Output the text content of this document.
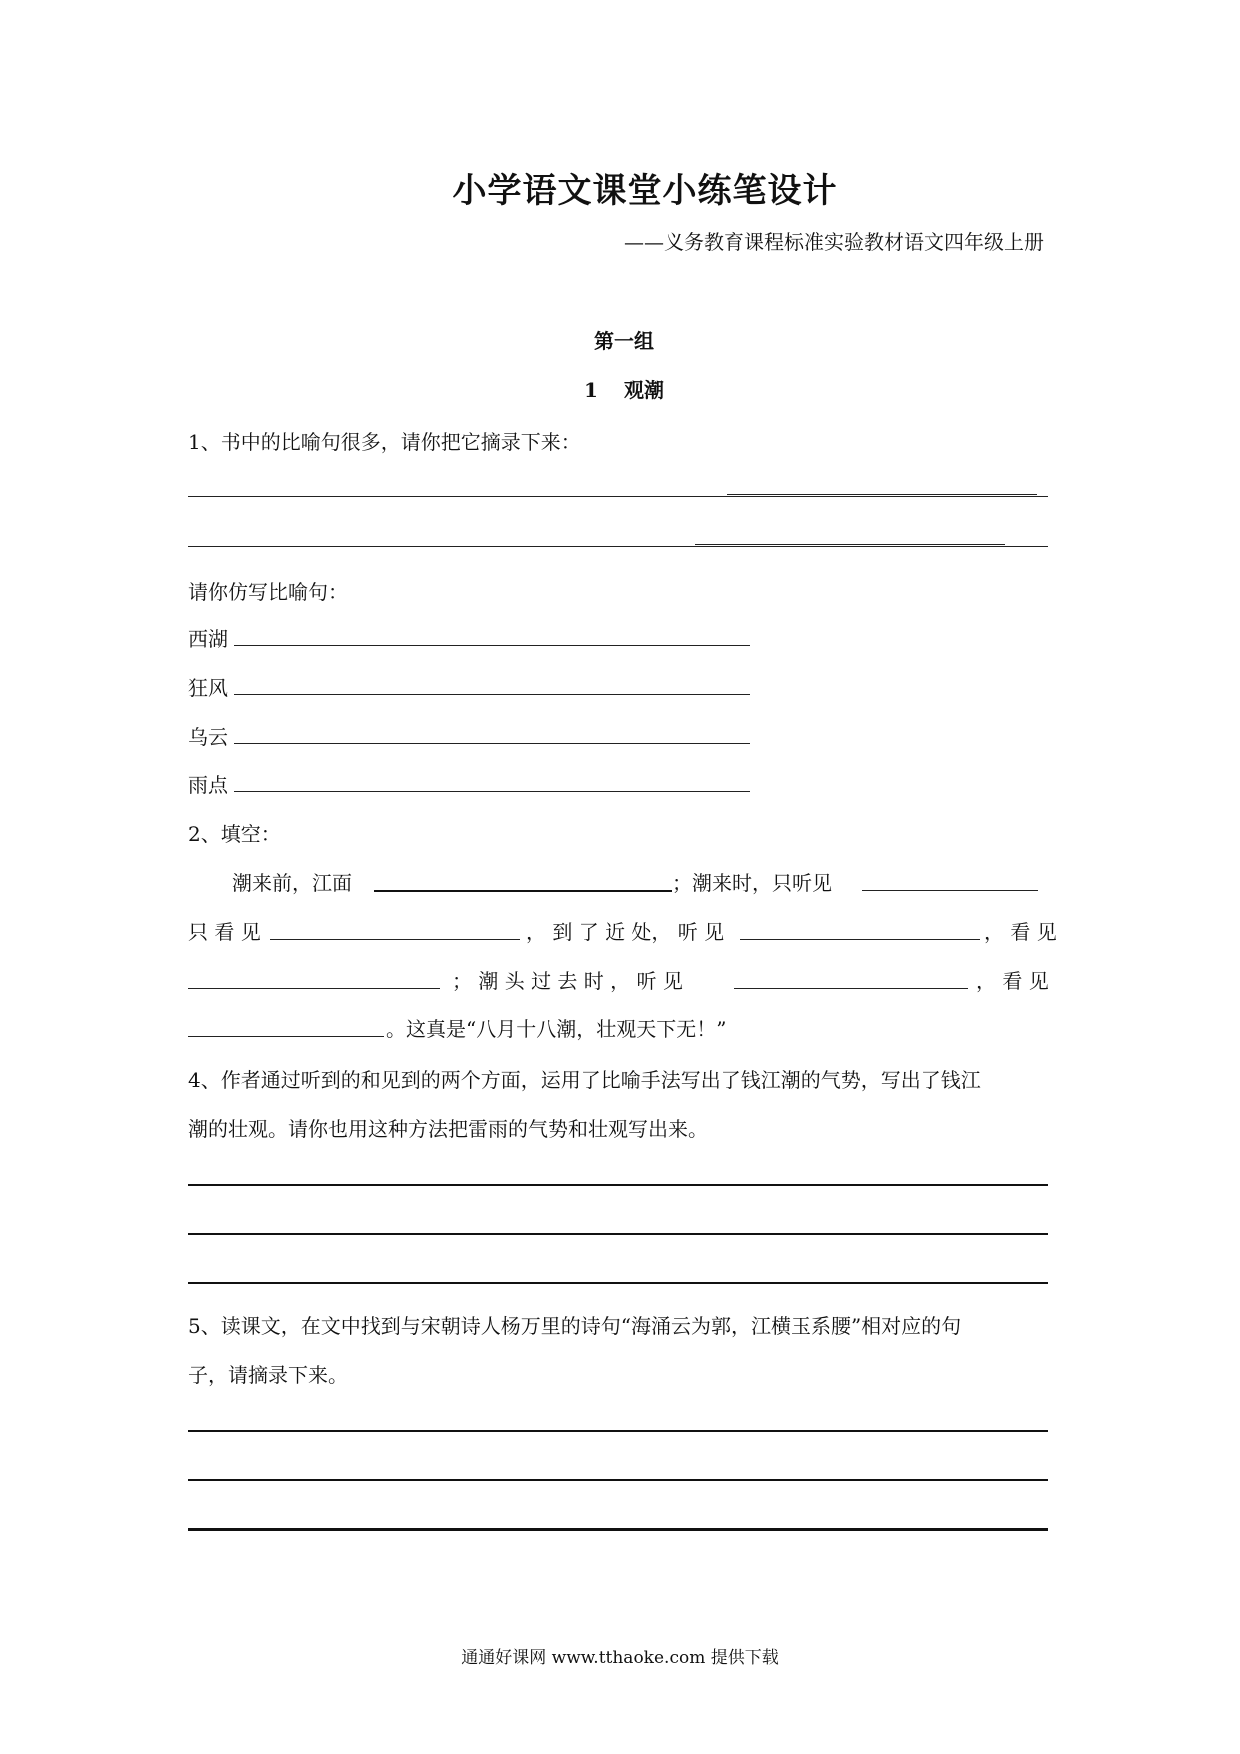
小学语文课堂小练笔设计
——义务教育课程标准实验教材语文四年级上册
第一组
1 观潮
1、书中的比喻句很多，请你把它摘录下来：
请你仿写比喻句：
西湖
狂风
乌云
雨点
2、填空：
潮来前，江面	；潮来时，只听见
只 看 见	， 到 了 近 处， 听 见	， 看 见
； 潮 头 过 去 时 ， 听 见	， 看 见
。这真是“八月十八潮，壮观天下无！”
4、作者通过听到的和见到的两个方面，运用了比喻手法写出了钱江潮的气势，写出了钱江
潮的壮观。请你也用这种方法把雷雨的气势和壮观写出来。
5、读课文，在文中找到与宋朝诗人杨万里的诗句“海涌云为郭，江横玉系腰”相对应的句
子，请摘录下来。
通通好课网 www.tthaoke.com 提供下载
